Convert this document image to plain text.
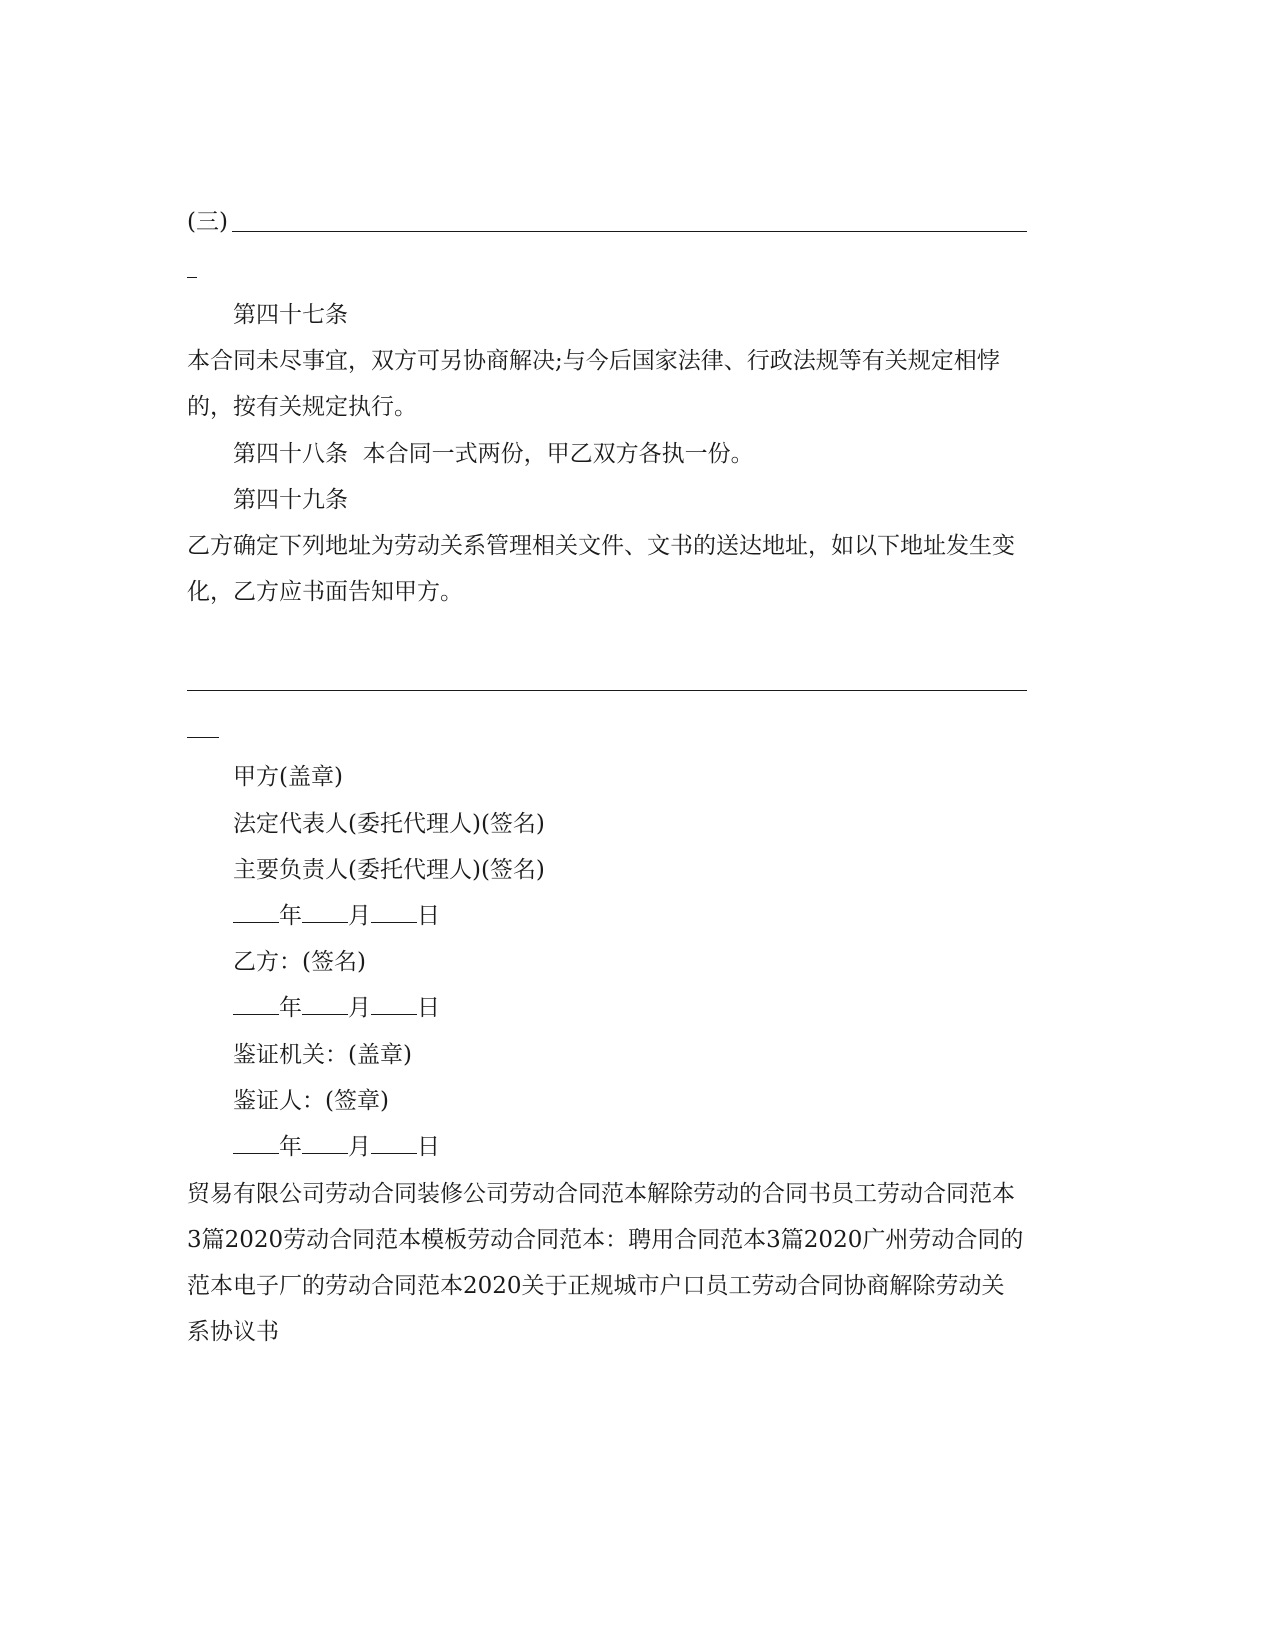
(三)
第四十七条
本合同未尽事宜，双方可另协商解决;与今后国家法律、行政法规等有关规定相悖的，按有关规定执行。
第四十八条  本合同一式两份，甲乙双方各执一份。
第四十九条
乙方确定下列地址为劳动关系管理相关文件、文书的送达地址，如以下地址发生变化，乙方应书面告知甲方。
甲方(盖章)
法定代表人(委托代理人)(签名)
主要负责人(委托代理人)(签名)
年 月 日
乙方：(签名)
年 月 日
鉴证机关：(盖章)
鉴证人：(签章)
年 月 日
贸易有限公司劳动合同装修公司劳动合同范本解除劳动的合同书员工劳动合同范本3篇2020劳动合同范本模板劳动合同范本：聘用合同范本3篇2020广州劳动合同的范本电子厂的劳动合同范本2020关于正规城市户口员工劳动合同协商解除劳动关系协议书
